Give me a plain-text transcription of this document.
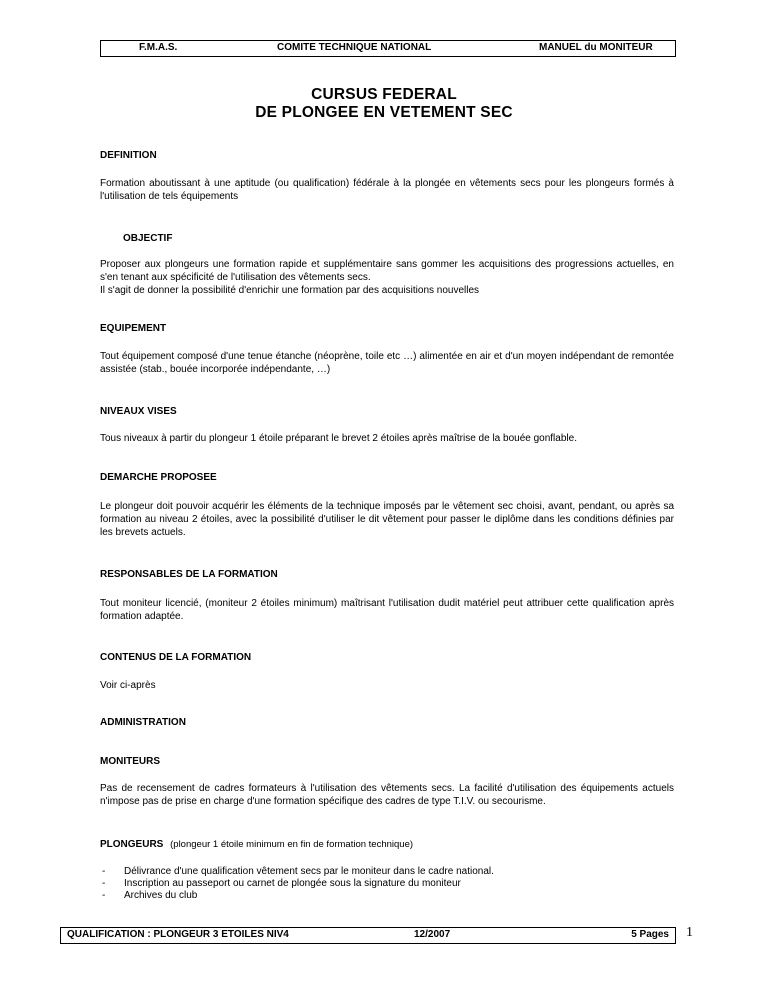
F.M.A.S.	COMITE TECHNIQUE NATIONAL	MANUEL du MONITEUR
CURSUS FEDERAL
DE PLONGEE EN VETEMENT SEC
DEFINITION
Formation aboutissant à une aptitude (ou qualification) fédérale à la plongée en vêtements secs pour les plongeurs formés à l'utilisation de tels équipements
OBJECTIF
Proposer aux plongeurs une formation rapide et supplémentaire sans gommer les acquisitions des progressions actuelles, en s'en tenant aux spécificité de l'utilisation des vêtements secs.
Il s'agit de donner la possibilité d'enrichir une formation par des acquisitions nouvelles
EQUIPEMENT
Tout équipement composé d'une tenue étanche (néoprène, toile etc …) alimentée en air et d'un moyen indépendant de remontée assistée (stab., bouée incorporée indépendante, …)
NIVEAUX VISES
Tous niveaux à partir du plongeur 1 étoile préparant le brevet 2 étoiles après maîtrise de la bouée gonflable.
DEMARCHE PROPOSEE
Le plongeur doit pouvoir acquérir les éléments de la technique imposés par le vêtement sec choisi, avant, pendant, ou après sa formation au niveau 2 étoiles, avec la possibilité d'utiliser le dit vêtement pour passer le diplôme dans les conditions définies par les brevets actuels.
RESPONSABLES DE LA FORMATION
Tout moniteur licencié, (moniteur 2 étoiles minimum) maîtrisant l'utilisation dudit matériel peut attribuer cette qualification après formation adaptée.
CONTENUS DE LA FORMATION
Voir ci-après
ADMINISTRATION
MONITEURS
Pas de recensement de cadres formateurs à l'utilisation des vêtements secs. La facilité d'utilisation des équipements actuels n'impose pas de prise en charge d'une formation spécifique des cadres de type T.I.V. ou secourisme.
PLONGEURS (plongeur 1 étoile minimum en fin de formation technique)
- Délivrance d'une qualification vêtement secs par le moniteur dans le cadre national.
- Inscription au passeport ou carnet de plongée sous la signature du moniteur
- Archives du club
QUALIFICATION : PLONGEUR 3 ETOILES NIV4	12/2007	5 Pages 1
